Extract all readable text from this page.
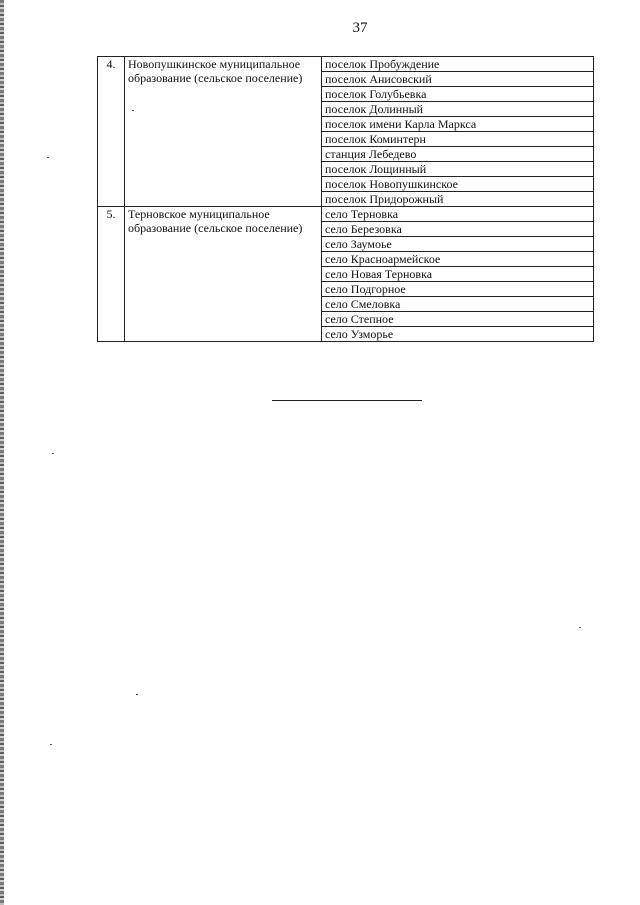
37
4.	Новопушкинское муниципальное образование (сельское поселение)	поселок Пробуждение
		поселок Анисовский
		поселок Голубьевка
		поселок Долинный
		поселок имени Карла Маркса
		поселок Коминтерн
		станция Лебедево
		поселок Лощинный
		поселок Новопушкинское
		поселок Придорожный
5.	Терновское муниципальное образование (сельское поселение)	село Терновка
		село Березовка
		село Заумоье
		село Красноармейское
		село Новая Терновка
		село Подгорное
		село Смеловка
		село Степное
		село Узморье
